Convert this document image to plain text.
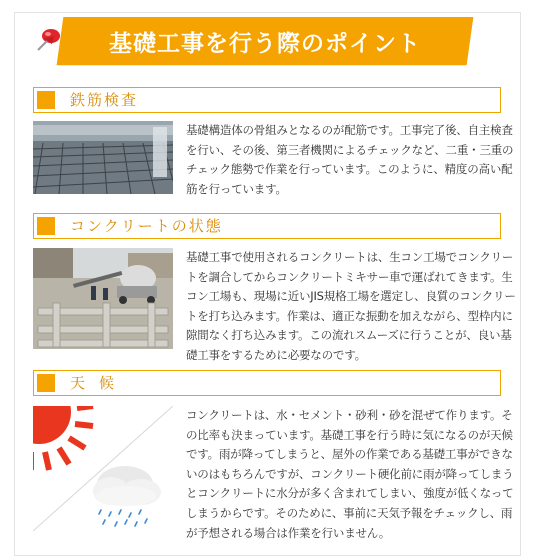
基礎工事を行う際のポイント
鉄筋検査
基礎構造体の骨組みとなるのが配筋です。工事完了後、自主検査を行い、その後、第三者機関によるチェックなど、二重・三重のチェック態勢で作業を行っています。このように、精度の高い配筋を行っています。
コンクリートの状態
基礎工事で使用されるコンクリートは、生コン工場でコンクリートを調合してからコンクリートミキサー車で運ばれてきます。生コン工場も、現場に近いJIS規格工場を選定し、良質のコンクリートを打ち込みます。作業は、適正な振動を加えながら、型枠内に隙間なく打ち込みます。この流れスムーズに行うことが、良い基礎工事をするために必要なのです。
天候
コンクリートは、水・セメント・砂利・砂を混ぜて作ります。その比率も決まっています。基礎工事を行う時に気になるのが天候です。雨が降ってしまうと、屋外の作業である基礎工事ができないのはもちろんですが、コンクリート硬化前に雨が降ってしまうとコンクリートに水分が多く含まれてしまい、強度が低くなってしまうからです。そのために、事前に天気予報をチェックし、雨が予想される場合は作業を行いません。
